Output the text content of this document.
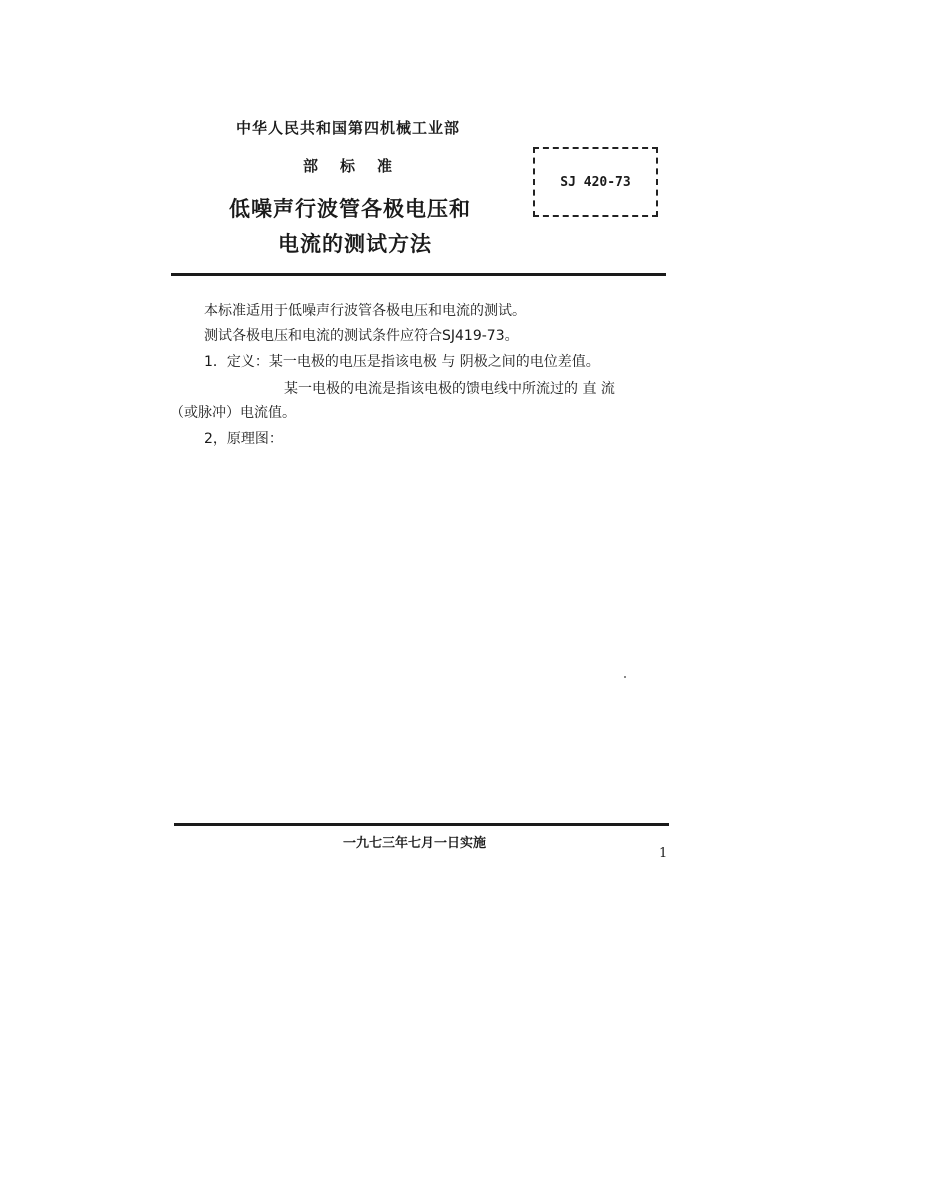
中华人民共和国第四机械工业部
部 标 准
低噪声行波管各极电压和
电流的测试方法
SJ 420-73
本标准适用于低噪声行波管各极电压和电流的测试。
测试各极电压和电流的测试条件应符合SJ419-73。
1．定义：某一电极的电压是指该电极 与 阴极之间的电位差值。
某一电极的电流是指该电极的馈电线中所流过的 直 流
（或脉冲）电流值。
2，原理图：
一九七三年七月一日实施
1
